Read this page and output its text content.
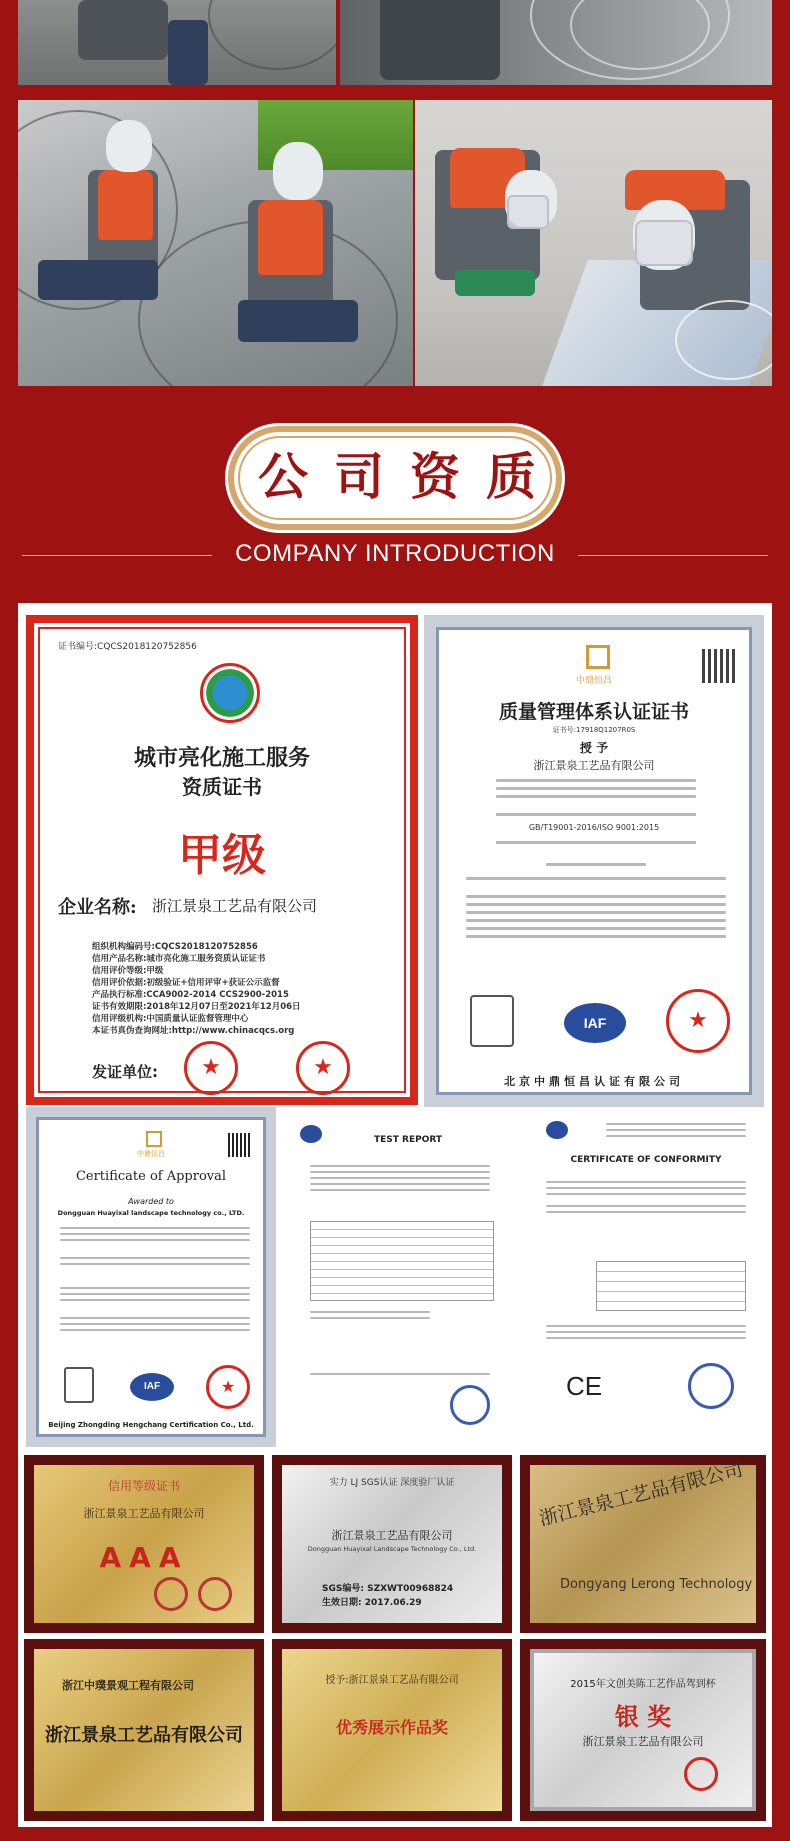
公 司 资 质
COMPANY INTRODUCTION
证书编号:CQCS2018120752856
城市亮化施工服务
资质证书
甲级
企业名称: 浙江景泉工艺品有限公司
组织机构编码号:CQCS2018120752856
信用产品名称:城市亮化施工服务资质认证证书
信用评价等级:甲级
信用评价依据:初级验证+信用评审+获证公示监督
产品执行标准:CCA9002-2014 CCS2900-2015
证书有效期限:2018年12月07日至2021年12月06日
信用评级机构:中国质量认证监督管理中心
本证书真伪查询网址:http://www.chinacqcs.org
发证单位:	★	★
中鼎恒昌
质量管理体系认证证书
证书号:17918Q1207R0S
授 予
浙江景泉工艺品有限公司
GB/T19001-2016/ISO 9001:2015
IAF	★
北京中鼎恒昌认证有限公司
中鼎恒昌
Certificate of Approval
Awarded to
Dongguan Huayixal landscape technology co., LTD.
IAF	★
Beijing Zhongding Hengchang Certification Co., Ltd.
TEST REPORT
CERTIFICATE OF CONFORMITY
CE
信用等级证书
浙江景泉工艺品有限公司
AAA
实力 LJ SGS认证 深度验厂认证
浙江景泉工艺品有限公司
Dongguan Huayixal Landscape Technology Co., Ltd.
SGS编号: SZXWT00968824
生效日期: 2017.06.29
浙江景泉工艺品有限公司
Dongyang Lerong Technology
浙江中璞景观工程有限公司
浙江景泉工艺品有限公司
授予:浙江景泉工艺品有限公司
优秀展示作品奖
2015年文创美陈工艺作品驾到杯
银 奖
浙江景泉工艺品有限公司
